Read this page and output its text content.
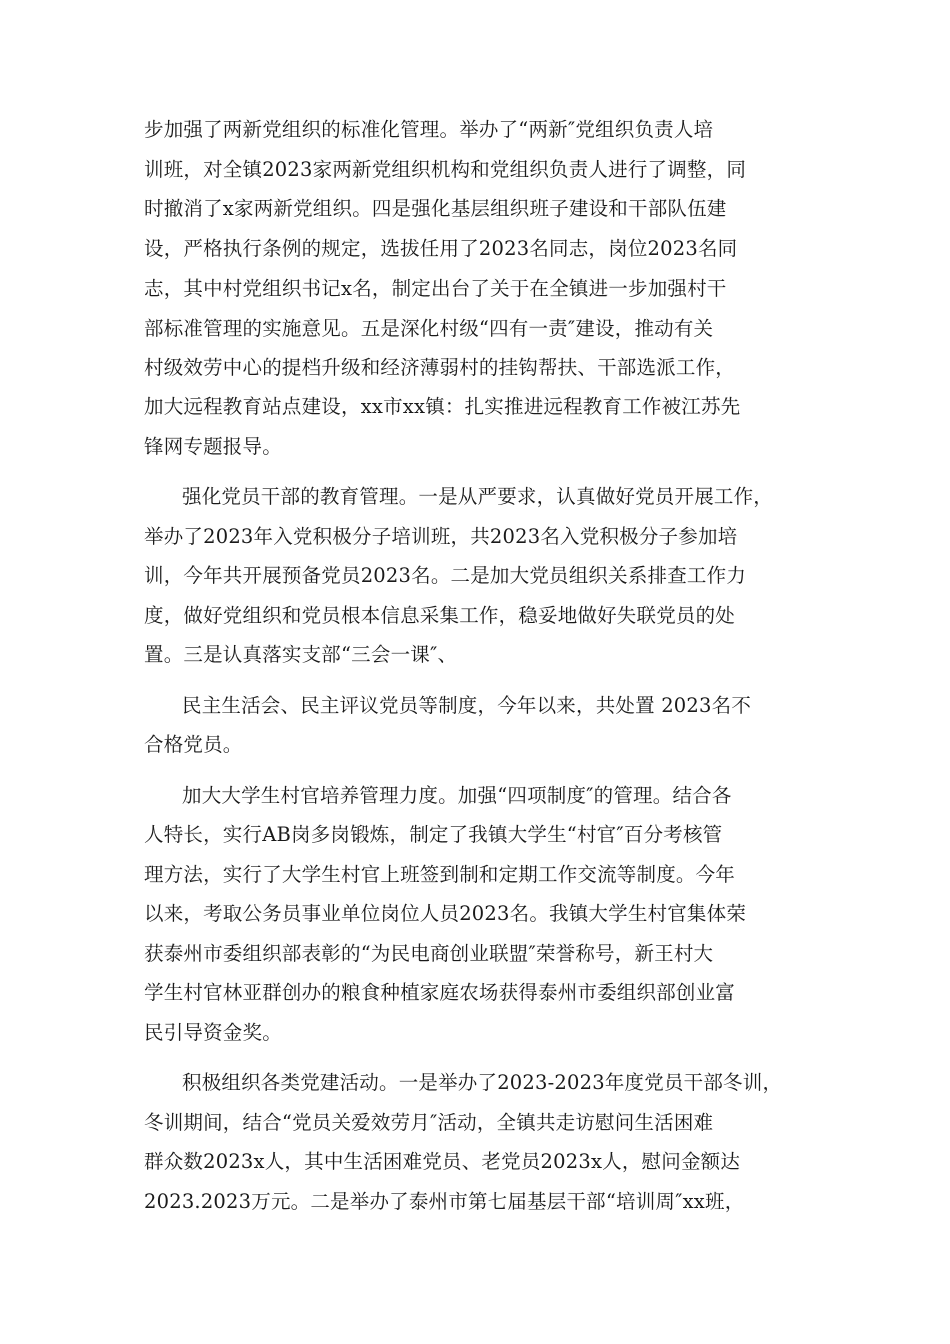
步加强了两新党组织的标准化管理。举办了“两新″党组织负责人培
训班，对全镇2023家两新党组织机构和党组织负责人进行了调整，同
时撤消了x家两新党组织。四是强化基层组织班子建设和干部队伍建
设，严格执行条例的规定，选拔任用了2023名同志，岗位2023名同
志，其中村党组织书记x名，制定出台了关于在全镇进一步加强村干
部标准管理的实施意见。五是深化村级“四有一责″建设，推动有关
村级效劳中心的提档升级和经济薄弱村的挂钩帮扶、干部选派工作，
加大远程教育站点建设，xx市xx镇：扎实推进远程教育工作被江苏先
锋网专题报导。
强化党员干部的教育管理。一是从严要求，认真做好党员开展工作，
举办了2023年入党积极分子培训班，共2023名入党积极分子参加培
训，今年共开展预备党员2023名。二是加大党员组织关系排查工作力
度，做好党组织和党员根本信息采集工作，稳妥地做好失联党员的处
置。三是认真落实支部“三会一课″、
民主生活会、民主评议党员等制度，今年以来，共处置 2023名不
合格党员。
加大大学生村官培养管理力度。加强“四项制度″的管理。结合各
人特长，实行AB岗多岗锻炼，制定了我镇大学生“村官″百分考核管
理方法，实行了大学生村官上班签到制和定期工作交流等制度。今年
以来，考取公务员事业单位岗位人员2023名。我镇大学生村官集体荣
获泰州市委组织部表彰的“为民电商创业联盟″荣誉称号，新王村大
学生村官林亚群创办的粮食种植家庭农场获得泰州市委组织部创业富
民引导资金奖。
积极组织各类党建活动。一是举办了2023-2023年度党员干部冬训，
冬训期间，结合“党员关爱效劳月″活动，全镇共走访慰问生活困难
群众数2023x人，其中生活困难党员、老党员2023x人，慰问金额达
2023.2023万元。二是举办了泰州市第七届基层干部“培训周″xx班，
